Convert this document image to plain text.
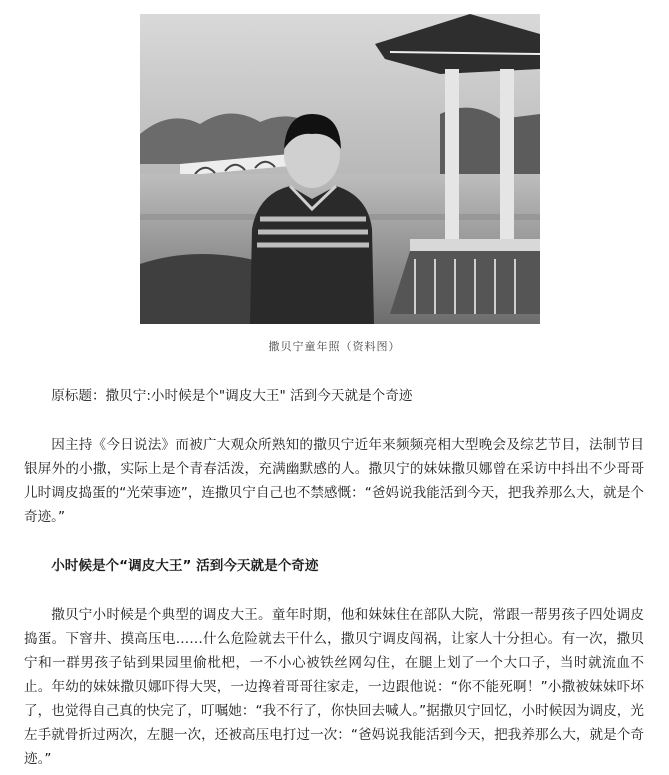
撒贝宁童年照（资料图）

原标题：撒贝宁:小时候是个"调皮大王" 活到今天就是个奇迹

因主持《今日说法》而被广大观众所熟知的撒贝宁近年来频频亮相大型晚会及综艺节目，法制节目银屏外的小撒，实际上是个青春活泼，充满幽默感的人。撒贝宁的妹妹撒贝娜曾在采访中抖出不少哥哥儿时调皮捣蛋的“光荣事迹”，连撒贝宁自己也不禁感慨：“爸妈说我能活到今天，把我养那么大，就是个奇迹。”

小时候是个“调皮大王” 活到今天就是个奇迹

撒贝宁小时候是个典型的调皮大王。童年时期，他和妹妹住在部队大院，常跟一帮男孩子四处调皮捣蛋。下窨井、摸高压电……什么危险就去干什么，撒贝宁调皮闯祸，让家人十分担心。有一次，撒贝宁和一群男孩子钻到果园里偷枇杷，一不小心被铁丝网勾住，在腿上划了一个大口子，当时就流血不止。年幼的妹妹撒贝娜吓得大哭，一边搀着哥哥往家走，一边跟他说：“你不能死啊！”小撒被妹妹吓坏了，也觉得自己真的快完了，叮嘱她：“我不行了，你快回去喊人。”据撒贝宁回忆，小时候因为调皮，光左手就骨折过两次，左腿一次，还被高压电打过一次：“爸妈说我能活到今天，把我养那么大，就是个奇迹。”
